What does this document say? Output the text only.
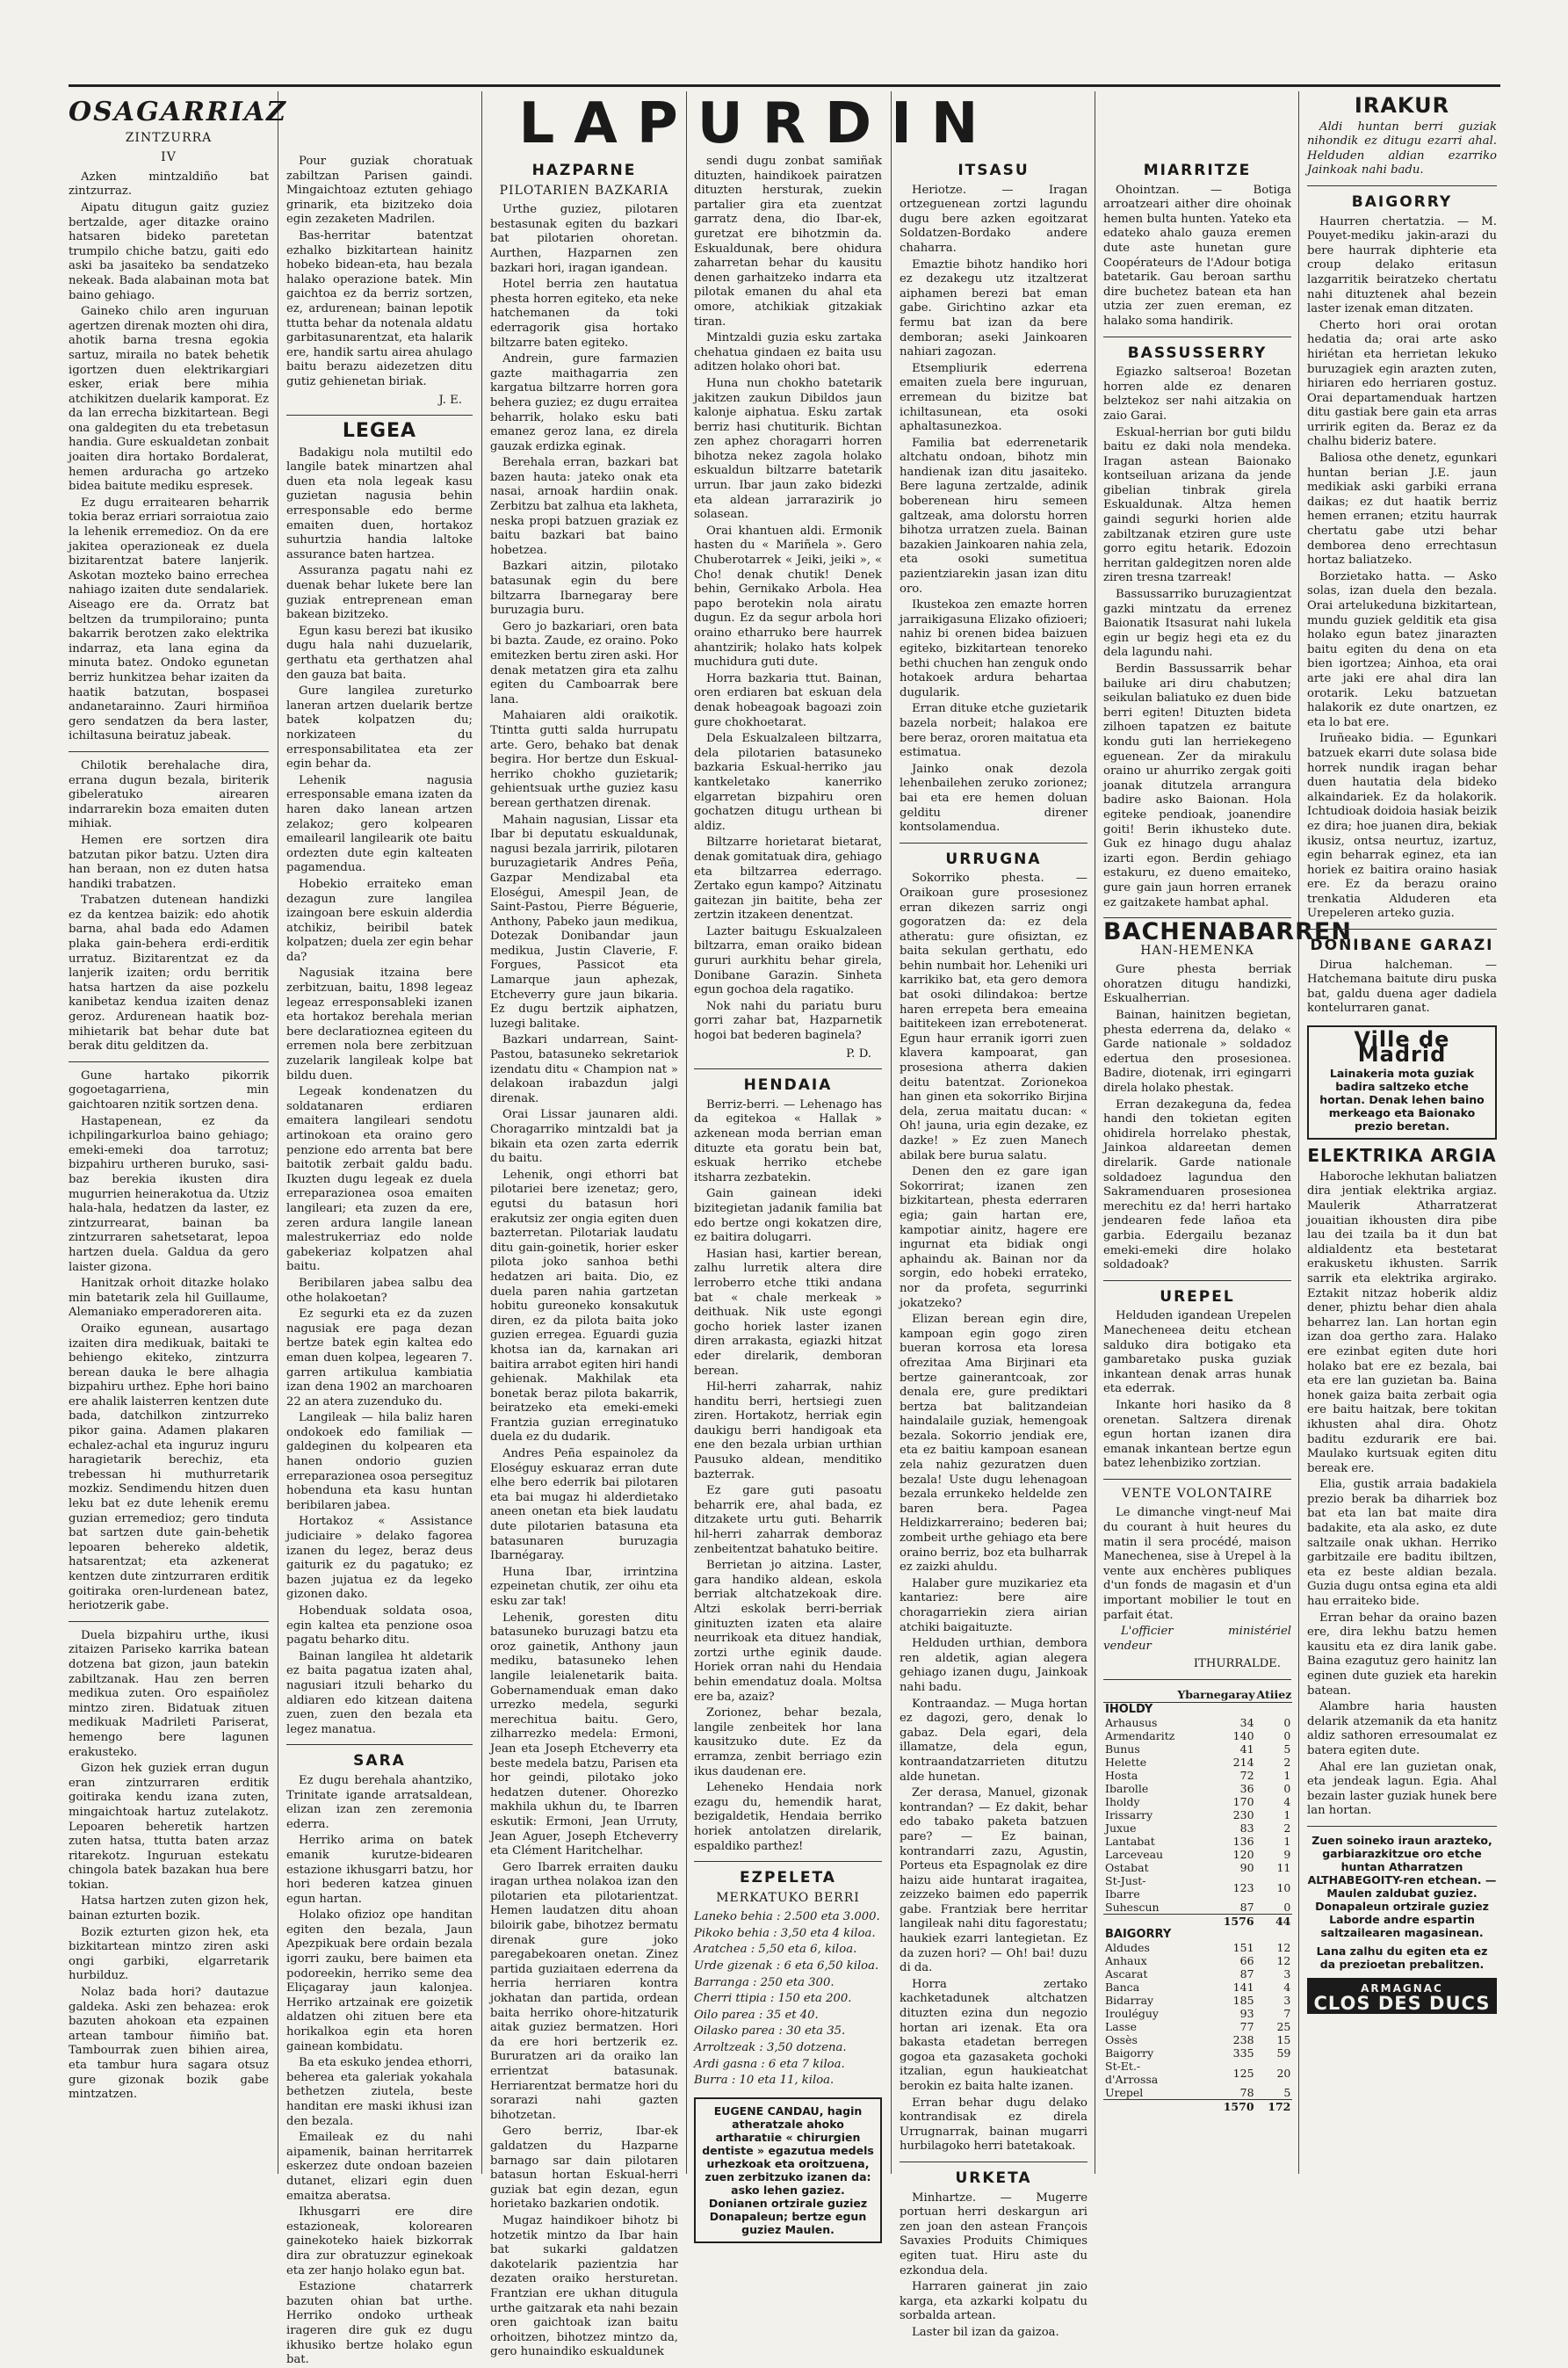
LAPURDIN
OSAGARRIAZ
ZINTZURRA
IV

Azken mintzaldiño bat zintzurraz.

Aipatu ditugun gaitz guziez bertzalde, ager ditazke oraino hatsaren bideko paretetan trumpilo chiche batzu, gaiti edo aski ba jasaiteko ba sendatzeko nekeak. Bada alabainan mota bat baino gehiago.

Gaineko chilo aren inguruan agertzen direnak mozten ohi dira, ahotik barna tresna egokia sartuz, miraila no batek behetik igortzen duen elektrikargiari esker, eriak bere mihia atchikitzen duelarik kamporat. Ez da lan errecha bizkitartean. Begi ona galdegiten du eta trebetasun handia. Gure eskualdetan zonbait joaiten dira hortako Bordalerat, hemen arduracha go artzeko bidea baitute mediku espresek.

Ez dugu erraitearen beharrik tokia beraz erriari sorraiotua zaio la lehenik erremedioz. On da ere jakitea operazioneak ez duela bizitarentzat batere lanjerik. Askotan mozteko baino errechea nahiago izaiten dute sendalariek. Aiseago ere da. Orratz bat beltzen da trumpiloraino; punta bakarrik berotzen zako elektrika indarraz, eta lana egina da minuta batez. Ondoko egunetan berriz hunkitzea behar izaiten da haatik batzutan, bospasei andanetarainno. Zauri hirmiñoa gero sendatzen da bera laster, ichiltasuna beiratuz jabeak.

Chilotik berehalache dira, errana dugun bezala, biriterik gibeleratuko airearen indarrarekin boza emaiten duten mihiak.

Hemen ere sortzen dira batzutan pikor batzu. Uzten dira han beraan, non ez duten hatsa handiki trabatzen.

Trabatzen dutenean handizki ez da kentzea baizik: edo ahotik barna, ahal bada edo Adamen plaka gain-behera erdi-erditik urratuz. Bizitarentzat ez da lanjerik izaiten; ordu berritik hatsa hartzen da aise pozkelu kanibetaz kendua izaiten denaz geroz. Ardurenean haatik boz-mihietarik bat behar dute bat berak ditu gelditzen da.

Gune hartako pikorrik gogoetagarriena, min gaichtoaren nzitik sortzen dena.

Hastapenean, ez da ichpilingarkurloa baino gehiago; emeki-emeki doa tarrotuz; bizpahiru urtheren buruko, sasi-baz berekia ikusten dira mugurrien heinerakotua da. Utziz hala-hala, hedatzen da laster, ez zintzurrearat, bainan ba zintzurraren sahetsetarat, lepoa hartzen duela. Galdua da gero laister gizona.

Hanitzak orhoit ditazke holako min batetarik zela hil Guillaume, Alemaniako emperadoreren aita.

Oraiko egunean, ausartago izaiten dira medikuak, baitaki te behiengo ekiteko, zintzurra berean dauka le bere alhagia bizpahiru urthez. Ephe hori baino ere ahalik laisterren kentzen dute bada, datchilkon zintzurreko pikor gaina. Adamen plakaren echalez-achal eta inguruz inguru haragietarik berechiz, eta trebessan hi muthurretarik mozkiz. Sendimendu hitzen duen leku bat ez dute lehenik eremu guzian erremedioz; gero tinduta bat sartzen dute gain-behetik lepoaren behereko aldetik, hatsarentzat; eta azkenerat kentzen dute zintzurraren erditik goitiraka oren-lurdenean batez, heriotzerik gabe.

Duela bizpahiru urthe, ikusi zitaizen Pariseko karrika batean dotzena bat gizon, jaun batekin zabiltzanak. Hau zen berren medikua zuten. Oro espaiñolez mintzo ziren. Bidatuak zituen medikuak Madrileti Pariserat, hemengo bere lagunen erakusteko.

Gizon hek guziek erran dugun eran zintzurraren erditik goitiraka kendu izana zuten, mingaichtoak hartuz zutelakotz. Lepoaren beheretik hartzen zuten hatsa, ttutta baten arzaz ritarekotz. Inguruan estekatu chingola batek bazakan hua bere tokian.

Hatsa hartzen zuten gizon hek, bainan ezturten bozik.

Bozik ezturten gizon hek, eta bizkitartean mintzo ziren aski ongi garbiki, elgarretarik hurbilduz.

Nolaz bada hori? dautazue galdeka. Aski zen behazea: erok bazuten ahokoan eta ezpainen artean tambour ñimiño bat. Tambourrak zuen bihien airea, eta tambur hura sagara otsuz gure gizonak bozik gabe mintzatzen.

Pour guziak choratuak zabiltzan Parisen gaindi. Mingaichtoaz eztuten gehiago grinarik, eta bizitzeko doia egin zezaketen Madrilen.

Bas-herritar batentzat ezhalko bizkitartean hainitz hobeko bidean-eta, hau bezala halako operazione batek. Min gaichtoa ez da berriz sortzen, ez, ardurenean; bainan lepotik ttutta behar da notenala aldatu garbitasunarentzat, eta halarik ere, handik sartu airea ahulago baitu berazu aidezetzen ditu gutiz gehienetan biriak.

J. E.

LEGEA

Badakigu nola mutiltil edo langile batek minartzen ahal duen eta nola legeak kasu guzietan nagusia behin erresponsable edo berme emaiten duen, hortakoz suhurtzia handia laltoke assurance baten hartzea.

Assuranza pagatu nahi ez duenak behar lukete bere lan guziak entreprenean eman bakean bizitzeko.

Egun kasu berezi bat ikusiko dugu hala nahi duzuelarik, gerthatu eta gerthatzen ahal den gauza bat baita.

Gure langilea zureturko laneran artzen duelarik bertze batek kolpatzen du; norkizateen du erresponsabilitatea eta zer egin behar da.

Lehenik nagusia erresponsable emana izaten da haren dako lanean artzen zelakoz; gero kolpearen emailearil langilearik ote baitu ordezten dute egin kalteaten pagamendua.

Hobekio erraiteko eman dezagun zure langilea izaingoan bere eskuin alderdia atchikiz, beiribil batek kolpatzen; duela zer egin behar da?

Nagusiak itzaina bere zerbitzuan, baitu, 1898 legeaz legeaz erresponsableki izanen eta hortakoz berehala merian bere declaratioznea egiteen du erremen nola bere zerbitzuan zuzelarik langileak kolpe bat bildu duen.

Legeak kondenatzen du soldatanaren erdiaren emaitera langileari sendotu artinokoan eta oraino gero penzione edo arrenta bat bere baitotik zerbait galdu badu. Ikuzten dugu legeak ez duela erreparazionea osoa emaiten langileari; eta zuzen da ere, zeren ardura langile lanean malestrukerriaz edo nolde gabekeriaz kolpatzen ahal baitu.

Beribilaren jabea salbu dea othe holakoetan?

Ez segurki eta ez da zuzen nagusiak ere paga dezan bertze batek egin kaltea edo eman duen kolpea, legearen 7. garren artikulua kambiatia izan dena 1902 an marchoaren 22 an atera zuzenduko du.

Langileak — hila baliz haren ondokoek edo familiak — galdeginen du kolpearen eta hanen ondorio guzien erreparazionea osoa persegituz hobenduna eta kasu huntan beribilaren jabea.

Hortakoz « Assistance judiciaire » delako fagorea izanen du legez, beraz deus gaiturik ez du pagatuko; ez bazen jujatua ez da legeko gizonen dako.

Hobenduak soldata osoa, egin kaltea eta penzione osoa pagatu beharko ditu.

Bainan langilea ht aldetarik ez baita pagatua izaten ahal, nagusiari itzuli beharko du aldiaren edo kitzean daitena zuen, zuen den bezala eta legez manatua.

SARA

Ez dugu berehala ahantziko, Trinitate igande arratsaldean, elizan izan zen zeremonia ederra.

Herriko arima on batek emanik kurutze-bidearen estazione ikhusgarri batzu, hor hori bederen katzea ginuen egun hartan.

Holako ofizioz ope handitan egiten den bezala, Jaun Apezpikuak bere ordain bezala igorri zauku, bere baimen eta podoreekin, herriko seme dea Eliçagaray jaun kalonjea. Herriko artzainak ere goizetik aldatzen ohi zituen bere eta horikalkoa egin eta horen gainean kombidatu.

Ba eta eskuko jendea ethorri, beherea eta galeriak yokahala bethetzen ziutela, beste handitan ere maski ikhusi izan den bezala.

Emaileak ez du nahi aipamenik, bainan herritarrek eskerzez dute ondoan bazeien dutanet, elizari egin duen emaitza aberatsa.

Ikhusgarri ere dire estazioneak, kolorearen gainekoteko haiek bizkorrak dira zur obratuzzur eginekoak eta zer hanjo holako egun bat.

Estazione chatarrerk bazuten ohian bat urthe. Herriko ondoko urtheak irageren dire guk ez dugu ikhusiko bertze holako egun bat.

HAZPARNE
PILOTARIEN BAZKARIA

Urthe guziez, pilotaren bestasunak egiten du bazkari bat pilotarien ohoretan. Aurthen, Hazparnen zen bazkari hori, iragan igandean.

Hotel berria zen hautatua phesta horren egiteko, eta neke hatchemanen da toki ederragorik gisa hortako biltzarre baten egiteko.

Andrein, gure farmazien gazte maithagarria zen kargatua biltzarre horren gora behera guziez; ez dugu erraitea beharrik, holako esku bati emanez geroz lana, ez direla gauzak erdizka eginak.

Berehala erran, bazkari bat bazen hauta: jateko onak eta nasai, arnoak hardiin onak. Zerbitzu bat zalhua eta lakheta, neska propi batzuen graziak ez baitu bazkari bat baino hobetzea.

Bazkari aitzin, pilotako batasunak egin du bere biltzarra Ibarnegaray bere buruzagia buru.

Gero jo bazkariari, oren bata bi bazta. Zaude, ez oraino. Poko emitezken bertu ziren aski. Hor denak metatzen gira eta zalhu egiten du Camboarrak bere lana.

Mahaiaren aldi oraikotik. Ttintta gutti salda hurrupatu arte. Gero, behako bat denak begira. Hor bertze dun Eskual-herriko chokho guzietarik; gehientsuak urthe guziez kasu berean gerthatzen direnak.

Mahain nagusian, Lissar eta Ibar bi deputatu eskualdunak, nagusi bezala jarririk, pilotaren buruzagietarik Andres Peña, Gazpar Mendizabal eta Eloségui, Amespil Jean, de Saint-Pastou, Pierre Béguerie, Anthony, Pabeko jaun medikua, Dotezak Donibandar jaun medikua, Justin Claverie, F. Forgues, Passicot eta Lamarque jaun aphezak, Etcheverry gure jaun bikaria. Ez dugu bertzik aiphatzen, luzegi balitake.

Bazkari undarrean, Saint-Pastou, batasuneko sekretariok izendatu ditu « Champion nat » delakoan irabazdun jalgi direnak.

Orai Lissar jaunaren aldi. Choragarriko mintzaldi bat ja bikain eta ozen zarta ederrik du baitu.

Lehenik, ongi ethorri bat pilotariei bere izenetaz; gero, egutsi du batasun hori erakutsiz zer ongia egiten duen bazterretan. Pilotariak laudatu ditu gain-goinetik, horier esker pilota joko sanhoa bethi hedatzen ari baita. Dio, ez duela paren nahia gartzetan hobitu gureoneko konsakutuk diren, ez da pilota baita joko guzien erregea. Eguardi guzia khotsa ian da, karnakan ari baitira arrabot egiten hiri handi gehienak. Makhilak eta bonetak beraz pilota bakarrik, beiratzeko eta emeki-emeki Frantzia guzian erreginatuko duela ez du dudarik.

Andres Peña espainolez da Eloséguy eskuaraz erran dute elhe bero ederrik bai pilotaren eta bai mugaz hi alderdietako aneen onetan eta biek laudatu dute pilotarien batasuna eta batasunaren buruzagia Ibarnégaray.

Huna Ibar, irrintzina ezpeinetan chutik, zer oihu eta esku zar tak!

Lehenik, goresten ditu batasuneko buruzagi batzu eta oroz gainetik, Anthony jaun mediku, batasuneko lehen langile leialenetarik baita. Gobernamenduak eman dako urrezko medela, segurki merechitua baitu. Gero, zilharrezko medela: Ermoni, Jean eta Joseph Etcheverry eta beste medela batzu, Parisen eta hor geindi, pilotako joko hedatzen dutener. Ohorezko makhila ukhun du, te Ibarren eskutik: Ermoni, Jean Urruty, Jean Aguer, Joseph Etcheverry eta Clément Haritchelhar.

Gero Ibarrek erraiten dauku iragan urthea nolakoa izan den pilotarien eta pilotarientzat. Hemen laudatzen ditu ahoan biloirik gabe, bihotzez bermatu direnak gure joko paregabekoaren onetan. Zinez partida guziaitaen ederrena da herria herriaren kontra jokhatan dan partida, ordean baita herriko ohore-hitzaturik aitak guziez bermatzen. Hori da ere hori bertzerik ez. Bururatzen ari da oraiko lan errientzat batasunak. Herriarentzat bermatze hori du sorarazi nahi gazten bihotzetan.

Gero berriz, Ibar-ek galdatzen du Hazparne barnago sar dain pilotaren batasun hortan Eskual-herri guziak bat egin dezan, egun horietako bazkarien ondotik.

Mugaz haindikoer bihotz bi hotzetik mintzo da Ibar hain bat sukarki galdatzen dakotelarik pazientzia har dezaten oraiko hersturetan. Frantzian ere ukhan ditugula urthe gaitzarak eta nahi bezain oren gaichtoak izan baitu orhoitzen, bihotzez mintzo da, gero hunaindiko eskualdunek

sendi dugu zonbat samiñak dituzten, haindikoek pairatzen dituzten hersturak, zuekin partalier gira eta zuentzat garratz dena, dio Ibar-ek, guretzat ere bihotzmin da. Eskualdunak, bere ohidura zaharretan behar du kausitu denen garhaitzeko indarra eta pilotak emanen du ahal eta omore, atchikiak gitzakiak tiran.

Mintzaldi guzia esku zartaka chehatua gindaen ez baita usu aditzen holako ohori bat.

Huna nun chokho batetarik jakitzen zaukun Dibildos jaun kalonje aiphatua. Esku zartak berriz hasi chutiturik. Bichtan zen aphez choragarri horren bihotza nekez zagola holako eskualdun biltzarre batetarik urrun. Ibar jaun zako bidezki eta aldean jarrarazirik jo solasean.

Orai khantuen aldi. Ermonik hasten du « Mariñela ». Gero Chuberotarrek « Jeiki, jeiki », « Cho! denak chutik! Denek behin, Gernikako Arbola. Hea papo berotekin nola airatu dugun. Ez da segur arbola hori oraino etharruko bere haurrek ahantzirik; holako hats kolpek muchidura guti dute.

Horra bazkaria ttut. Bainan, oren erdiaren bat eskuan dela denak hobeagoak bagoazi zoin gure chokhoetarat.

Dela Eskualzaleen biltzarra, dela pilotarien batasuneko bazkaria Eskual-herriko jau kantkeletako kanerriko elgarretan bizpahiru oren gochatzen ditugu urthean bi aldiz.

Biltzarre horietarat bietarat, denak gomitatuak dira, gehiago eta biltzarrea ederrago. Zertako egun kampo? Aitzinatu gaitezan jin baitite, beha zer zertzin itzakeen denentzat.

Lazter baitugu Eskualzaleen biltzarra, eman oraiko bidean gururi aurkhitu behar girela, Donibane Garazin. Sinheta egun gochoa dela ragatiko.

Nok nahi du pariatu buru gorri zahar bat, Hazparnetik hogoi bat bederen baginela?

P. D.

HENDAIA

Berriz-berri. — Lehenago has da egitekoa « Hallak » azkenean moda berrian eman dituzte eta goratu bein bat, eskuak herriko etchebe itsharra zezbatekin.

Gain gainean ideki bizitegietan jadanik familia bat edo bertze ongi kokatzen dire, ez baitira dolugarri.

Hasian hasi, kartier berean, zalhu lurretik altera dire lerroberro etche ttiki andana bat « chale merkeak » deithuak. Nik uste egongi gocho horiek laster izanen diren arrakasta, egiazki hitzat eder direlarik, demboran berean.

Hil-herri zaharrak, nahiz handitu berri, hertsiegi zuen ziren. Hortakotz, herriak egin daukigu berri handigoak eta ene den bezala urbian urthian Pausuko aldean, menditiko bazterrak.

Ez gare guti pasoatu beharrik ere, ahal bada, ez ditzakete urtu guti. Beharrik hil-herri zaharrak demboraz zenbeitentzat bahatuko beitire.

Berrietan jo aitzina. Laster, gara handiko aldean, eskola berriak altchatzekoak dire. Altzi eskolak berri-berriak ginituzten izaten eta alaire neurrikoak eta dituez handiak, zortzi urthe eginik daude. Horiek orran nahi du Hendaia behin emendatuz doala. Moltsa ere ba, azaiz?

Zorionez, behar bezala, langile zenbeitek hor lana kausitzuko dute. Ez da erramza, zenbit berriago ezin ikus daudenan ere.

Leheneko Hendaia nork ezagu du, hemendik harat, bezigaldetik, Hendaia berriko horiek antolatzen direlarik, espaldiko parthez!

EZPELETA
MERKATUKO BERRI

Laneko behia : 2.500 eta 3.000.

Pikoko behia : 3,50 eta 4 kiloa.

Aratchea : 5,50 eta 6, kiloa.

Urde gizenak : 6 eta 6,50 kiloa.

Barranga : 250 eta 300.

Cherri ttipia : 150 eta 200.

Oilo parea : 35 et 40.

Oilasko parea : 30 eta 35.

Arroltzeak : 3,50 dotzena.

Ardi gasna : 6 eta 7 kiloa.

Burra : 10 eta 11, kiloa.

EUGENE CANDAU, hagin atheratzale ahoko artharatıie « chirurgien dentiste » egazutua medels urhezkoak eta oroitzuena, zuen zerbitzuko izanen da: asko lehen gaziez. Donianen ortzirale guziez Donapaleun; bertze egun guziez Maulen.
ITSASU

Heriotze. — Iragan ortzeguenean zortzi lagundu dugu bere azken egoitzarat Soldatzen-Bordako andere chaharra.

Emaztie bihotz handiko hori ez dezakegu utz itzaltzerat aiphamen berezi bat eman gabe. Girichtino azkar eta fermu bat izan da bere demboran; aseki Jainkoaren nahiari zagozan.

Etsempliurik ederrena emaiten zuela bere inguruan, erremean du bizitze bat ichiltasunean, eta osoki aphaltasunezkoa.

Familia bat ederrenetarik altchatu ondoan, bihotz min handienak izan ditu jasaiteko. Bere laguna zertzalde, adinik boberenean hiru semeen galtzeak, ama dolorstu horren bihotza urratzen zuela. Bainan bazakien Jainkoaren nahia zela, eta osoki sumetitua pazientziarekin jasan izan ditu oro.

Ikustekoa zen emazte horren jarraikigasuna Elizako ofizioeri; nahiz bi orenen bidea baizuen egiteko, bizkitartean tenoreko bethi chuchen han zenguk ondo hotakoek ardura behartaa dugularik.

Erran dituke etche guzietarik bazela norbeit; halakoa ere bere beraz, ororen maitatua eta estimatua.

Jainko onak dezola lehenbailehen zeruko zorionez; bai eta ere hemen doluan gelditu direner kontsolamendua.

URRUGNA

Sokorriko phesta. — Oraikoan gure prosesionez erran dikezen sarriz ongi gogoratzen da: ez dela atheratu: gure ofisiztan, ez baita sekulan gerthatu, edo behin numbait hor. Leheniki uri karrikiko bat, eta gero demora bat osoki dilindakoa: bertze haren errepeta bera emeaina baititekeen izan errebotenerat. Egun haur erranik igorri zuen klavera kampoarat, gan prosesiona atherra dakien deitu batentzat. Zorionekoa han ginen eta sokorriko Birjina dela, zerua maitatu ducan: « Oh! jauna, uria egin dezake, ez dazke! » Ez zuen Manech abilak bere burua salatu.

Denen den ez gare igan Sokorrirat; izanen zen bizkitartean, phesta ederraren egia; gain hartan ere, kampotiar ainitz, hagere ere ingurnat eta bidiak ongi aphaindu ak. Bainan nor da sorgin, edo hobeki errateko, nor da profeta, segurrinki jokatzeko?

Elizan berean egin dire, kampoan egin gogo ziren bueran korrosa eta loresa ofrezitaa Ama Birjinari eta bertze gainerantcoak, zor denala ere, gure prediktari bertza bat balitzandeian haindalaile guziak, hemengoak bezala. Sokorrio jendiak ere, eta ez baitiu kampoan esanean zela nahiz gezuratzen duen bezala! Uste dugu lehenagoan bezala errunkeko heldelde zen baren bera. Pagea Heldizkarreraino; bederen bai; zombeit urthe gehiago eta bere oraino berriz, boz eta bulharrak ez zaizki ahuldu.

Halaber gure muzikariez eta kantariez: bere aire choragarriekin ziera airian atchiki baigaituzte.

Helduden urthian, dembora ren aldetik, agian alegera gehiago izanen dugu, Jainkoak nahi badu.

Kontraandaz. — Muga hortan ez dagozi, gero, denak lo gabaz. Dela egari, dela illamatze, dela egun, kontraandatzarrieten ditutzu alde hunetan.

Zer derasa, Manuel, gizonak kontrandan? — Ez dakit, behar edo tabako paketa batzuen pare? — Ez bainan, kontrandarri zazu, Agustin, Porteus eta Espagnolak ez dire haizu aide huntarat iragaitea, zeizzeko baimen edo paperrik gabe. Frantziak bere herritar langileak nahi ditu fagorestatu; haukiek ezarri lantegietan. Ez da zuzen hori? — Oh! bai! duzu di da.

Horra zertako kachketadunek altchatzen dituzten ezina dun negozio hortan ari izenak. Eta ora bakasta etadetan berregen gogoa eta gazasaketa gochoki itzalian, egun haukieatchat berokin ez baita halte izanen.

Erran behar dugu delako kontrandisak ez direla Urrugnarrak, bainan mugarri hurbilagoko herri batetakoak.

URKETA

Minhartze. — Mugerre portuan herri deskargun ari zen joan den astean François Savaxies Produits Chimiques egiten tuat. Hiru aste du ezkondua dela.

Harraren gainerat jin zaio karga, eta azkarki kolpatu du sorbalda artean.

Laster bil izan da gaizoa.

MIARRITZE

Ohointzan. — Botiga arroatzeari aither dire ohoinak hemen bulta hunten. Yateko eta edateko ahalo gauza eremen dute aste hunetan gure Coopérateurs de l'Adour botiga batetarik. Gau beroan sarthu dire buchetez batean eta han utzia zer zuen ereman, ez halako soma handirik.

BASSUSSERRY

Egiazko saltseroa! Bozetan horren alde ez denaren belztekoz ser nahi aitzakia on zaio Garai.

Eskual-herrian bor guti bildu baitu ez daki nola mendeka. Iragan astean Baionako kontseiluan arizana da jende gibelian tinbrak girela Eskualdunak. Altza hemen gaindi segurki horien alde zabiltzanak etziren gure uste gorro egitu hetarik. Edozoin herritan galdegitzen noren alde ziren tresna tzarreak!

Bassussarriko buruzagientzat gazki mintzatu da errenez Baionatik Itsasurat nahi lukela egin ur begiz hegi eta ez du dela lagundu nahi.

Berdin Bassussarrik behar bailuke ari diru chabutzen; seikulan baliatuko ez duen bide berri egiten! Dituzten bideta zilhoen tapatzen ez baitute kondu guti lan herriekegeno eguenean. Zer da mirakulu oraino ur ahurriko zergak goiti joanak ditutzela arrangura badire asko Baionan. Hola egiteke pendioak, joanendire goiti! Berin ikhusteko dute. Guk ez hinago dugu ahalaz izarti egon. Berdin gehiago estakuru, ez dueno emaiteko, gure gain jaun horren erranek ez gaitzakete hambat aphal.

BACHENABARREN
HAN-HEMENKA

Gure phesta berriak ohoratzen ditugu handizki, Eskualherrian.

Bainan, hainitzen begietan, phesta ederrena da, delako « Garde nationale » soldadoz edertua den prosesionea. Badire, diotenak, irri egingarri direla holako phestak.

Erran dezakeguna da, fedea handi den tokietan egiten ohidirela horrelako phestak, Jainkoa aldareetan demen direlarik. Garde nationale soldadoez lagunduа den Sakramenduaren prosesionea merechitu ez da! herri hartako jendearen fede lañoa eta garbia. Edergailu bezanaz emeki-emeki dire holako soldadoak?

UREPEL

Helduden igandean Urepelen Manecheneea deitu etchean salduko dira botigako eta gambaretako puska guziak inkantean denak arras hunak eta ederrak.

Inkante hori hasiko da 8 orenetan. Saltzera direnak egun hortan izanen dira emanak inkantean bertze egun batez lehenbiziko zortzian.

VENTE VOLONTAIRE

Le dimanche vingt-neuf Mai du courant à huit heures du matin il sera procédé, maison Manechenea, sise à Urepel à la vente aux enchères publiques d'un fonds de magasin et d'un important mobilier le tout en parfait état.

L'officier ministériel vendeur

ITHURRALDE.

	Ybarnegaray	Atiiez
IHOLDY		
Arhausus	34	0
Armendaritz	140	0
Bunus	41	5
Helette	214	2
Hosta	72	1
Ibarolle	36	0
Iholdy	170	4
Irissarry	230	1
Juxue	83	2
Lantabat	136	1
Larceveau	120	9
Ostabat	90	11
St-Just-Ibarre	123	10
Suhescun	87	0
	1576	44
BAIGORRY		
Aldudes	151	12
Anhaux	66	12
Ascarat	87	3
Banca	141	4
Bidarray	185	3
Irouléguy	93	7
Lasse	77	25
Ossès	238	15
Baigorry	335	59
St-Et.-d'Arrossa	125	20
Urepel	78	5
	1570	172
IRAKUR

Aldi huntan berri guziak nihondik ez ditugu ezarri ahal. Helduden aldian ezarriko Jainkoak nahi badu.

BAIGORRY

Haurren chertatzia. — M. Pouyet-mediku jakin-arazi du bere haurrak diphterie eta croup delako eritasun lazgarritik beiratzeko chertatu nahi dituztenek ahal bezein laster izenak eman ditzaten.

Cherto hori orai orotan hedatia da; orai arte asko hiriétan eta herrietan lekuko buruzagiek egin arazten zuten, hiriaren edo herriaren gostuz. Orai departamenduak hartzen ditu gastiak bere gain eta arras urririk egiten da. Beraz ez da chalhu bideriz batere.

Baliosa othe denetz, egunkari huntan berian J.E. jaun medikiak aski garbiki errana daikas; ez dut haatik berriz hemen erranen; etzitu haurrak chertatu gabe utzi behar demborea deno errechtasun hortaz baliatzeko.

Borzietako hatta. — Asko solas, izan duela den bezala. Orai artelukeduna bizkitartean, mundu guziek gelditik eta gisa holako egun batez jinarazten baitu egiten du dena on eta bien igortzea; Ainhoa, eta orai arte jaki ere ahal dira lan orotarik. Leku batzuetan halakorik ez dute onartzen, ez eta lo bat ere.

Iruñeako bidia. — Egunkari batzuek ekarri dute solasa bide horrek nundik iragan behar duen hautatia dela bideko alkaindariek. Ez da holakorik. Ichtudioak doidoia hasiak beizik ez dira; hoe juanen dira, bekiak ikusiz, ontsa neurtuz, izartuz, egin beharrak eginez, eta ian horiek ez baitira oraino hasiak ere. Ez da berazu oraino trenkatia Alduderen eta Urepeleren arteko guzia.

DONIBANE GARAZI

Dirua halcheman. — Hatchemana baitute diru puska bat, galdu duena ager dadiela kontelurraren ganat.

Ville de Madrid
Lainakeria mota guziak badira saltzeko etche hortan. Denak lehen baino merkeago eta Baionako prezio beretan.
ELEKTRIKA ARGIA

Haboroche lekhutan baliatzen dira jentiak elektrika argiaz. Maulerik Atharratzerat jouaitian ikhousten dira pibe lau dei tzaila ba it dun bat aldialdentz eta bestetarat erakusketu ikhusten. Sarrik sarrik eta elektrika argirako. Eztakit nitzaz hoberik aldiz dener, phiztu behar dien ahala beharrez lan. Lan hortan egin izan doa gertho zara. Halako ere ezinbat egiten dute hori holako bat ere ez bezala, bai eta ere lan guzietan ba. Baina honek gaiza baita zerbait ogia ere baitu haitzak, bere tokitan ikhusten ahal dira. Ohotz baditu ezdurarik ere bai. Maulako kurtsuak egiten ditu bereak ere.

Elia, gustik arraia badakiela prezio berak ba diharriek boz bat eta lan bat maite dira badakite, eta ala asko, ez dute saltzaile onak ukhan. Herriko garbitzaile ere baditu ibiltzen, eta ez beste aldian bezala. Guzia dugu ontsa egina eta aldi hau erraiteko bide.

Erran behar da oraino bazen ere, dira lekhu batzu hemen kausitu eta ez dira lanik gabe. Baina ezagutuz gero hainitz lan eginen dute guziek eta harekin batean.

Alambre haria hausten delarik atzemanik da eta hanitz aldiz sathoren erresoumalat ez batera egiten dute.

Ahal ere lan guzietan onak, eta jendeak lagun. Egia. Ahal bezain laster guziak hunek bere lan hortan.

Zuen soineko iraun arazteko, garbiarazkitzue oro etche huntan Atharratzen ALTHABEGOITY-ren etchean. — Maulen zaldubat guziez. Donapaleun ortzirale guziez Laborde andre espartin saltzailearen magasinean.
Lana zalhu du egiten eta ez da prezioetan prebalitzen.
ARMAGNAC
CLOS DES DUCS
